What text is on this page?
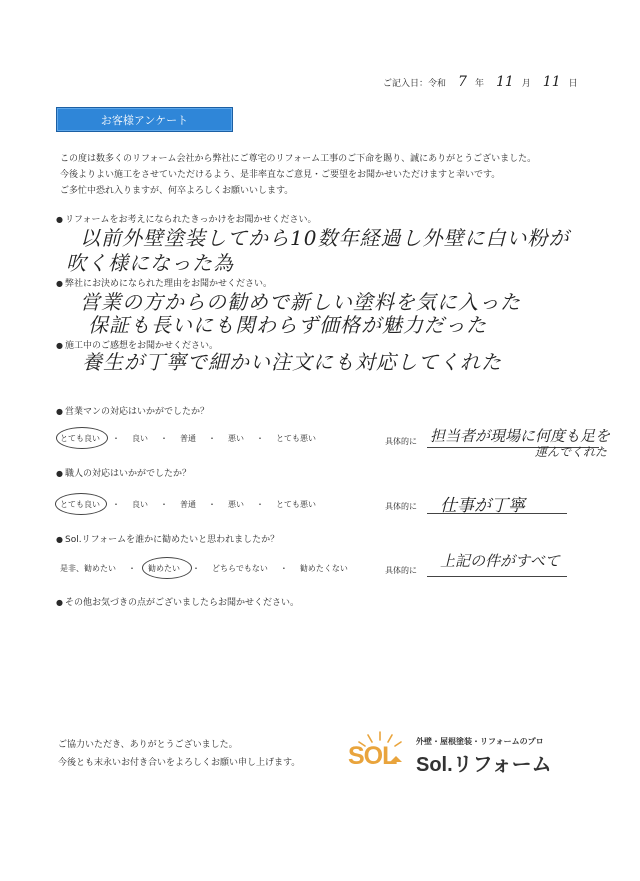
ご記入日：令和 7 年 11 月 11 日
お客様アンケート
この度は数多くのリフォーム会社から弊社にご尊宅のリフォーム工事のご下命を賜り、誠にありがとうございました。
今後よりよい施工をさせていただけるよう、是非率直なご意見・ご要望をお聞かせいただけますと幸いです。
ご多忙中恐れ入りますが、何卒よろしくお願いいします。
● リフォームをお考えになられたきっかけをお聞かせください。
以前外壁塗装してから10数年経過し外壁に白い粉が
吹く様になった為
● 弊社にお決めになられた理由をお聞かせください。
営業の方からの勧めで新しい塗料を気に入った
保証も長いにも関わらず価格が魅力だった
● 施工中のご感想をお聞かせください。
養生が丁寧で細かい注文にも対応してくれた
● 営業マンの対応はいかがでしたか？
とても良い ・ 良い ・ 普通 ・ 悪い ・ とても悪い	具体的に 担当者が現場に何度も足を
運んでくれた
● 職人の対応はいかがでしたか？
とても良い ・ 良い ・ 普通 ・ 悪い ・ とても悪い	具体的に 仕事が丁寧
● Sol.リフォームを誰かに勧めたいと思われましたか？
是非、勧めたい ・ 勧めたい ・ どちらでもない ・ 勧めたくない	具体的に
上記の件がすべて
● その他お気づきの点がございましたらお聞かせください。
ご協力いただき、ありがとうございました。
今後とも末永いお付き合いをよろしくお願い申し上げます。 SOL
外壁・屋根塗装・リフォームのプロ
Sol.リフォーム
